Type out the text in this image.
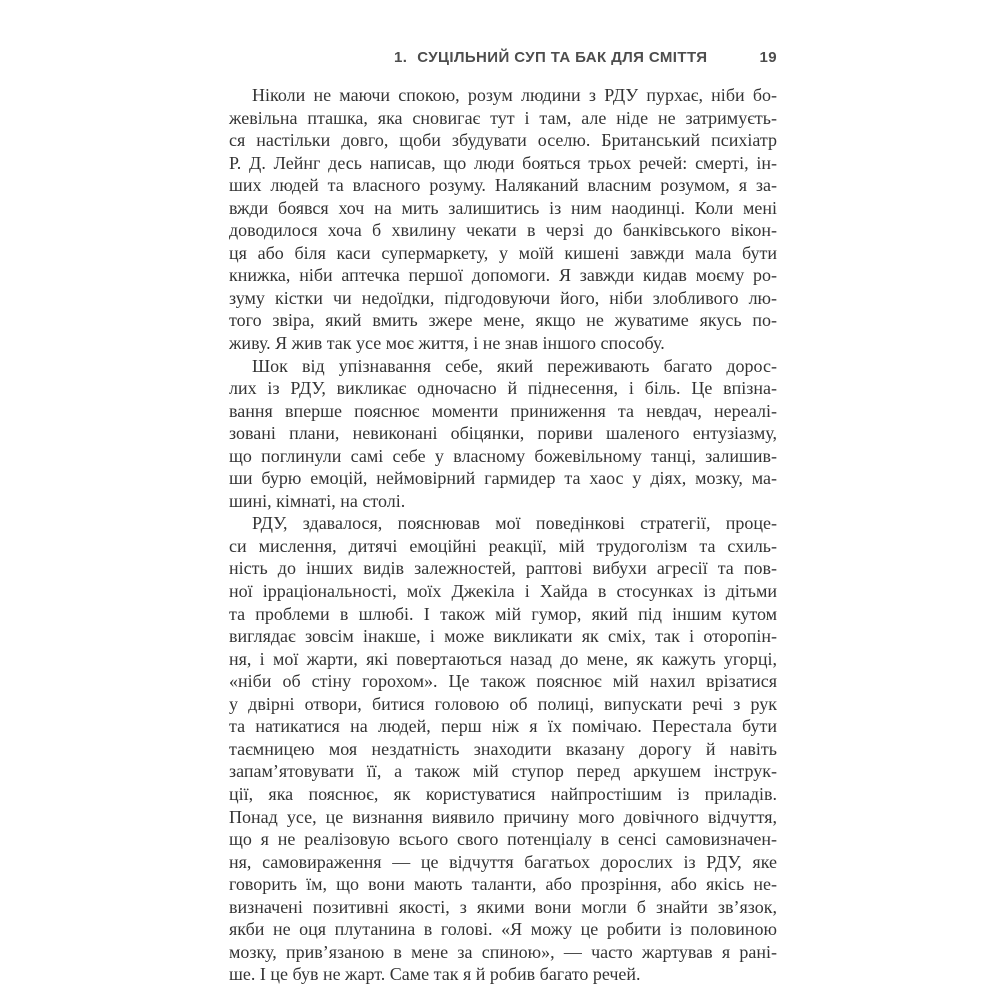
1. СУЦІЛЬНИЙ СУП ТА БАК ДЛЯ СМІТТЯ	19
Ніколи не маючи спокою, розум людини з РДУ пурхає, ніби бо-
жевільна пташка, яка сновигає тут і там, але ніде не затримуєть-
ся настільки довго, щоби збудувати оселю. Британський психіатр
Р. Д. Лейнг десь написав, що люди бояться трьох речей: смерті, ін-
ших людей та власного розуму. Наляканий власним розумом, я за-
вжди боявся хоч на мить залишитись із ним наодинці. Коли мені
доводилося хоча б хвилину чекати в черзі до банківського вікон-
ця або біля каси супермаркету, у моїй кишені завжди мала бути
книжка, ніби аптечка першої допомоги. Я завжди кидав моєму ро-
зуму кістки чи недоїдки, підгодовуючи його, ніби злобливого лю-
того звіра, який вмить зжере мене, якщо не жуватиме якусь по-
живу. Я жив так усе моє життя, і не знав іншого способу.
Шок від упізнавання себе, який переживають багато дорос-
лих із РДУ, викликає одночасно й піднесення, і біль. Це впізна-
вання вперше пояснює моменти приниження та невдач, нереалі-
зовані плани, невиконані обіцянки, пориви шаленого ентузіазму,
що поглинули самі себе у власному божевільному танці, залишив-
ши бурю емоцій, неймовірний гармидер та хаос у діях, мозку, ма-
шині, кімнаті, на столі.
РДУ, здавалося, пояснював мої поведінкові стратегії, проце-
си мислення, дитячі емоційні реакції, мій трудоголізм та схиль-
ність до інших видів залежностей, раптові вибухи агресії та пов-
ної ірраціональності, моїх Джекіла і Хайда в стосунках із дітьми
та проблеми в шлюбі. І також мій гумор, який під іншим кутом
виглядає зовсім інакше, і може викликати як сміх, так і оторопін-
ня, і мої жарти, які повертаються назад до мене, як кажуть угорці,
«ніби об стіну горохом». Це також пояснює мій нахил врізатися
у двірні отвори, битися головою об полиці, випускати речі з рук
та натикатися на людей, перш ніж я їх помічаю. Перестала бути
таємницею моя нездатність знаходити вказану дорогу й навіть
запам’ятовувати її, а також мій ступор перед аркушем інструк-
ції, яка пояснює, як користуватися найпростішим із приладів.
Понад усе, це визнання виявило причину мого довічного відчуття,
що я не реалізовую всього свого потенціалу в сенсі самовизначен-
ня, самовираження — це відчуття багатьох дорослих із РДУ, яке
говорить їм, що вони мають таланти, або прозріння, або якісь не-
визначені позитивні якості, з якими вони могли б знайти зв’язок,
якби не оця плутанина в голові. «Я можу це робити із половиною
мозку, прив’язаною в мене за спиною», — часто жартував я рані-
ше. І це був не жарт. Саме так я й робив багато речей.
